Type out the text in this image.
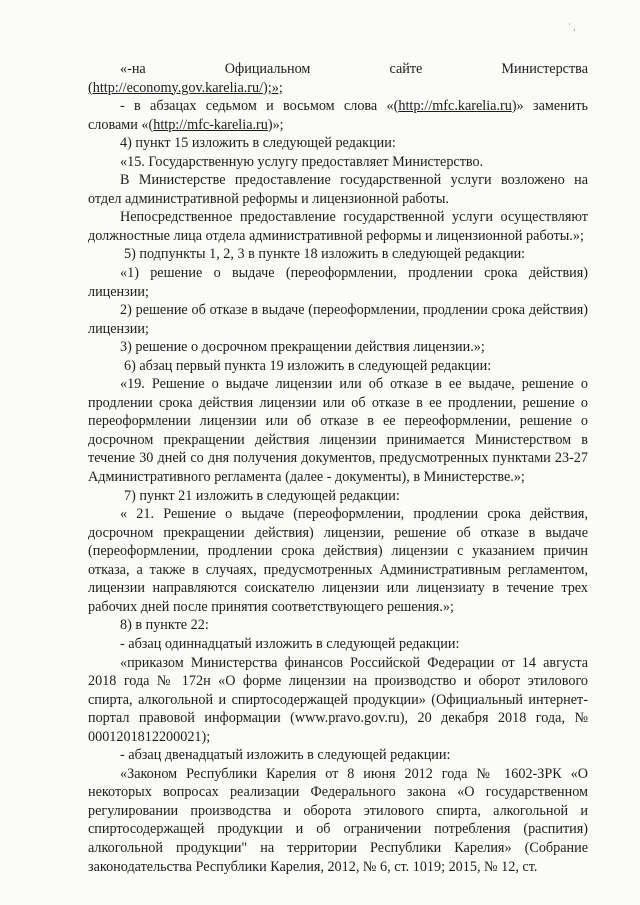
´ ,
«-на	Официальном	сайте	Министерства

(http://economy.gov.karelia.ru/);»;

- в абзацах седьмом и восьмом слова «(http://mfc.karelia.ru)» заменить словами «(http://mfc-karelia.ru)»;

4) пункт 15 изложить в следующей редакции:

«15. Государственную услугу предоставляет Министерство.

В Министерстве предоставление государственной услуги возложено на отдел административной реформы и лицензионной работы.

Непосредственное предоставление государственной услуги осуществляют должностные лица отдела административной реформы и лицензионной работы.»;

5) подпункты 1, 2, 3 в пункте 18 изложить в следующей редакции:

«1) решение о выдаче (переоформлении, продлении срока действия) лицензии;

2) решение об отказе в выдаче (переоформлении, продлении срока действия) лицензии;

3) решение о досрочном прекращении действия лицензии.»;

6) абзац первый пункта 19 изложить в следующей редакции:

«19. Решение о выдаче лицензии или об отказе в ее выдаче, решение о продлении срока действия лицензии или об отказе в ее продлении, решение о переоформлении лицензии или об отказе в ее переоформлении, решение о досрочном прекращении действия лицензии принимается Министерством в течение 30 дней со дня получения документов, предусмотренных пунктами 23-27 Административного регламента (далее - документы), в Министерстве.»;

7) пункт 21 изложить в следующей редакции:

« 21. Решение о выдаче (переоформлении, продлении срока действия, досрочном прекращении действия) лицензии, решение об отказе в выдаче (переоформлении, продлении срока действия) лицензии с указанием причин отказа, а также в случаях, предусмотренных Административным регламентом, лицензии направляются соискателю лицензии или лицензиату в течение трех рабочих дней после принятия соответствующего решения.»;

8) в пункте 22:

- абзац одиннадцатый изложить в следующей редакции:

«приказом Министерства финансов Российской Федерации от 14 августа 2018 года № 172н «О форме лицензии на производство и оборот этилового спирта, алкогольной и спиртосодержащей продукции» (Официальный интернет-портал правовой информации (www.pravo.gov.ru), 20 декабря 2018 года, № 0001201812200021);

- абзац двенадцатый изложить в следующей редакции:

«Законом Республики Карелия от 8 июня 2012 года № 1602-ЗРК «О некоторых вопросах реализации Федерального закона «О государственном регулировании производства и оборота этилового спирта, алкогольной и спиртосодержащей продукции и об ограничении потребления (распития) алкогольной продукции" на территории Республики Карелия» (Собрание законодательства Республики Карелия, 2012, № 6, ст. 1019; 2015, № 12, ст.
